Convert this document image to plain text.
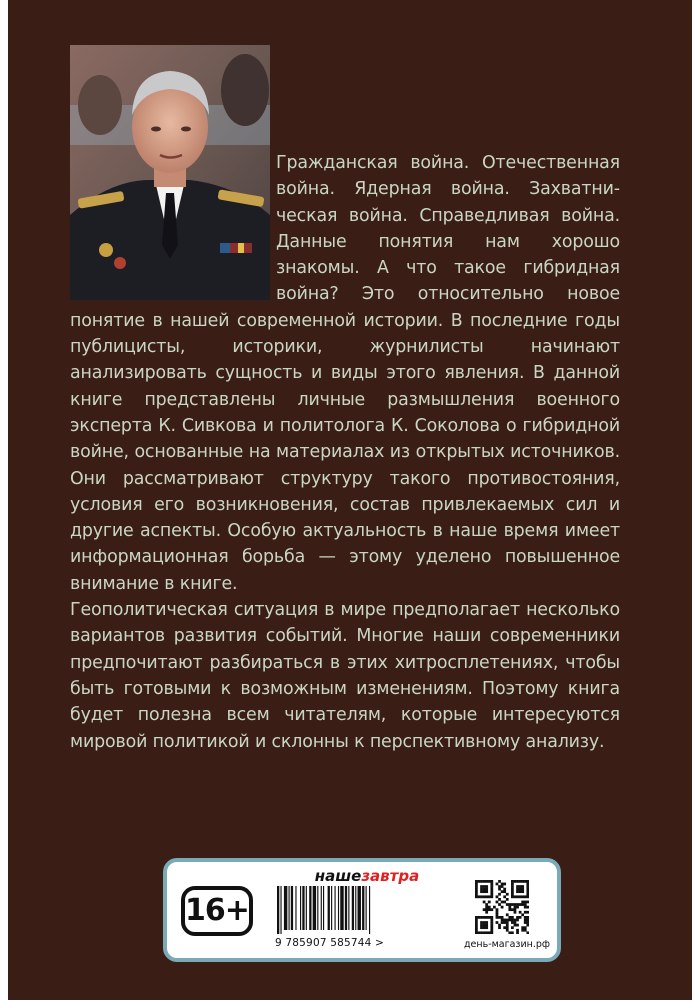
Гражданская война. Отечественная война. Ядерная война. Захватническая война. Справедливая война. Данные понятия нам хорошо знакомы. А что такое гибридная война? Это относительно новое понятие в нашей современной истории. В последние годы публицисты, историки, журнилисты начинают анализировать сущность и виды этого явления. В данной книге представлены личные размышления военного эксперта К. Сивкова и политолога К. Соколова о гибридной войне, основанные на материалах из открытых источников. Они рассматривают структуру такого противостояния, условия его возникновения, состав привлекаемых сил и другие аспекты. Особую актуальность в наше время имеет информационная борьба — этому уделено повышенное внимание в книге.

Геополитическая ситуация в мире предполагает несколько вариантов развития событий. Многие наши современники предпочитают разбираться в этих хитросплетениях, чтобы быть готовыми к возможным изменениям. Поэтому книга будет полезна всем читателям, которые интересуются мировой политикой и склонны к перспективному анализу.

16+
нашезавтра
9 785907 585744 >	день-магазин.рф
